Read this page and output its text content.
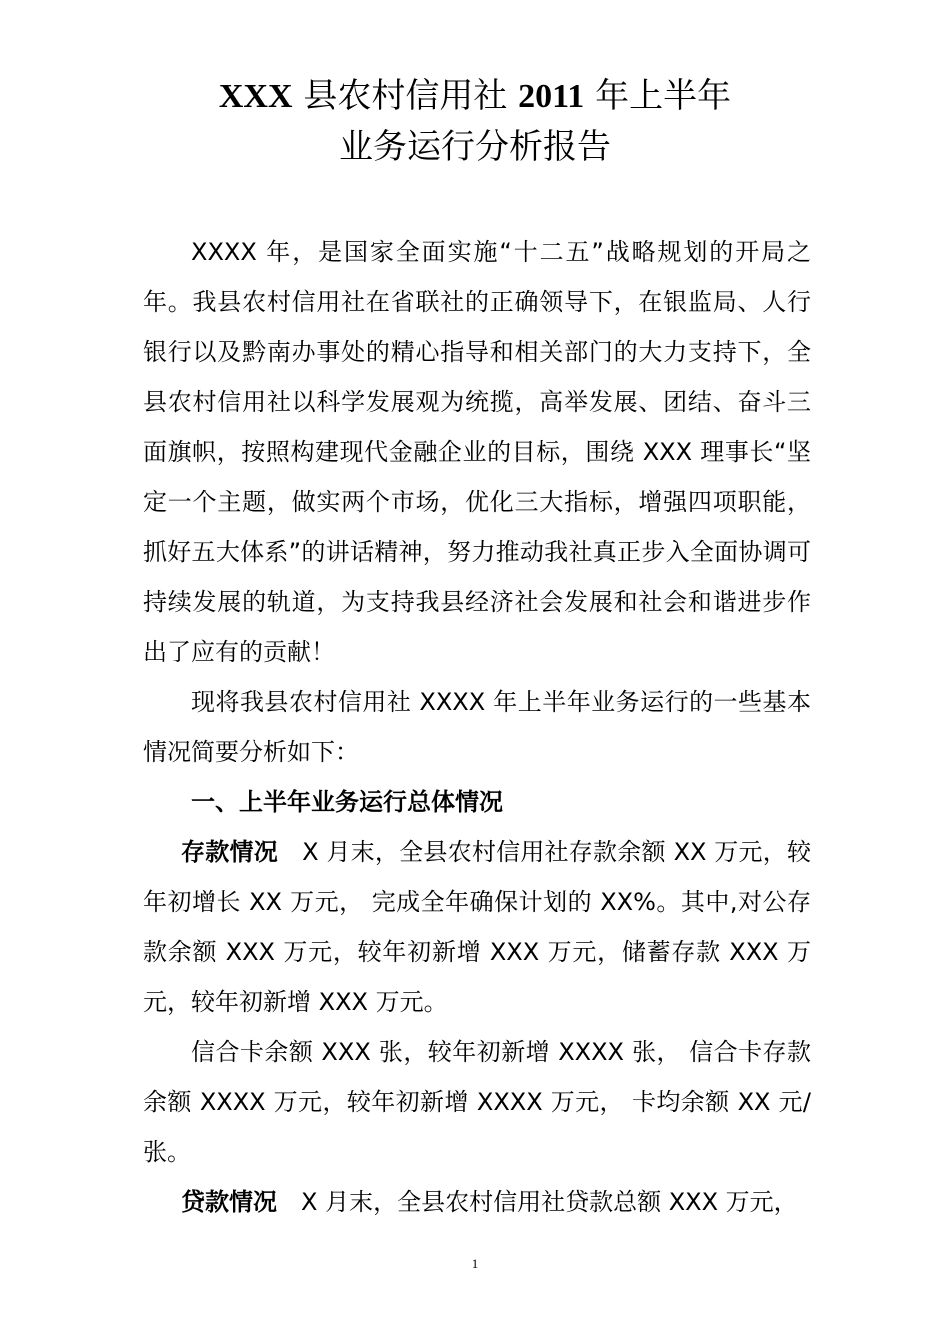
XXX 县农村信用社 2011 年上半年
业务运行分析报告

XXXX 年，是国家全面实施“十二五”战略规划的开局之年。我县农村信用社在省联社的正确领导下，在银监局、人行银行以及黔南办事处的精心指导和相关部门的大力支持下，全县农村信用社以科学发展观为统揽，高举发展、团结、奋斗三面旗帜，按照构建现代金融企业的目标，围绕 XXX 理事长“坚定一个主题，做实两个市场，优化三大指标，增强四项职能，抓好五大体系”的讲话精神，努力推动我社真正步入全面协调可持续发展的轨道，为支持我县经济社会发展和社会和谐进步作出了应有的贡献！

现将我县农村信用社 XXXX 年上半年业务运行的一些基本情况简要分析如下：

一、上半年业务运行总体情况

存款情况　X 月末，全县农村信用社存款余额 XX 万元，较年初增长 XX 万元， 完成全年确保计划的 XX%。其中,对公存款余额 XXX 万元，较年初新增 XXX 万元，储蓄存款 XXX 万元，较年初新增 XXX 万元。

信合卡余额 XXX 张，较年初新增 XXXX 张， 信合卡存款余额 XXXX 万元，较年初新增 XXXX 万元， 卡均余额 XX 元/张。

贷款情况　X 月末，全县农村信用社贷款总额 XXX 万元，

1
